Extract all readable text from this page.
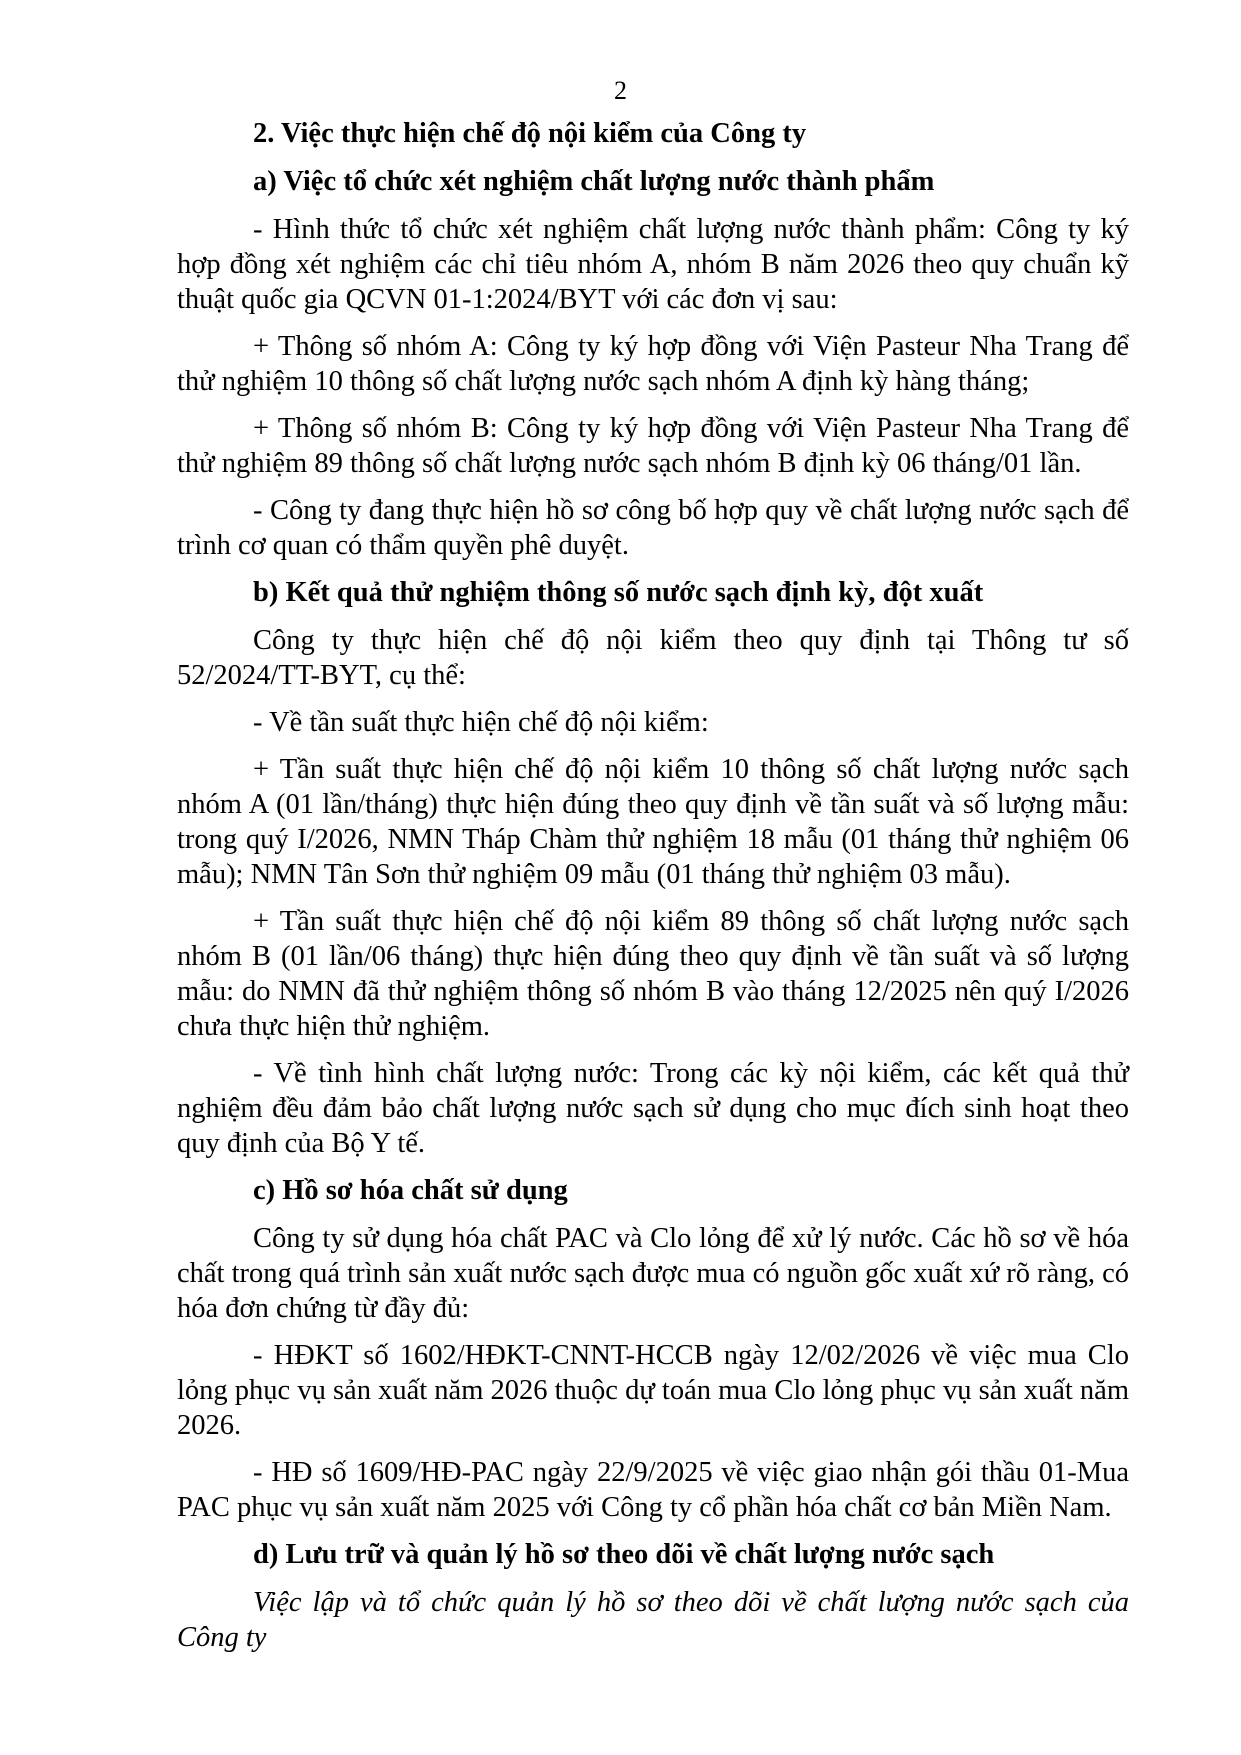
2

2. Việc thực hiện chế độ nội kiểm của Công ty

a) Việc tổ chức xét nghiệm chất lượng nước thành phẩm

- Hình thức tổ chức xét nghiệm chất lượng nước thành phẩm: Công ty ký hợp đồng xét nghiệm các chỉ tiêu nhóm A, nhóm B năm 2026 theo quy chuẩn kỹ thuật quốc gia QCVN 01-1:2024/BYT với các đơn vị sau:

+ Thông số nhóm A: Công ty ký hợp đồng với Viện Pasteur Nha Trang để thử nghiệm 10 thông số chất lượng nước sạch nhóm A định kỳ hàng tháng;

+ Thông số nhóm B: Công ty ký hợp đồng với Viện Pasteur Nha Trang để thử nghiệm 89 thông số chất lượng nước sạch nhóm B định kỳ 06 tháng/01 lần.

- Công ty đang thực hiện hồ sơ công bố hợp quy về chất lượng nước sạch để trình cơ quan có thẩm quyền phê duyệt.

b) Kết quả thử nghiệm thông số nước sạch định kỳ, đột xuất

Công ty thực hiện chế độ nội kiểm theo quy định tại Thông tư số 52/2024/TT-BYT, cụ thể:

- Về tần suất thực hiện chế độ nội kiểm:

+ Tần suất thực hiện chế độ nội kiểm 10 thông số chất lượng nước sạch nhóm A (01 lần/tháng) thực hiện đúng theo quy định về tần suất và số lượng mẫu: trong quý I/2026, NMN Tháp Chàm thử nghiệm 18 mẫu (01 tháng thử nghiệm 06 mẫu); NMN Tân Sơn thử nghiệm 09 mẫu (01 tháng thử nghiệm 03 mẫu).

+ Tần suất thực hiện chế độ nội kiểm 89 thông số chất lượng nước sạch nhóm B (01 lần/06 tháng) thực hiện đúng theo quy định về tần suất và số lượng mẫu: do NMN đã thử nghiệm thông số nhóm B vào tháng 12/2025 nên quý I/2026 chưa thực hiện thử nghiệm.

- Về tình hình chất lượng nước: Trong các kỳ nội kiểm, các kết quả thử nghiệm đều đảm bảo chất lượng nước sạch sử dụng cho mục đích sinh hoạt theo quy định của Bộ Y tế.

c) Hồ sơ hóa chất sử dụng

Công ty sử dụng hóa chất PAC và Clo lỏng để xử lý nước. Các hồ sơ về hóa chất trong quá trình sản xuất nước sạch được mua có nguồn gốc xuất xứ rõ ràng, có hóa đơn chứng từ đầy đủ:

- HĐKT số 1602/HĐKT-CNNT-HCCB ngày 12/02/2026 về việc mua Clo lỏng phục vụ sản xuất năm 2026 thuộc dự toán mua Clo lỏng phục vụ sản xuất năm 2026.

- HĐ số 1609/HĐ-PAC ngày 22/9/2025 về việc giao nhận gói thầu 01-Mua PAC phục vụ sản xuất năm 2025 với Công ty cổ phần hóa chất cơ bản Miền Nam.

d) Lưu trữ và quản lý hồ sơ theo dõi về chất lượng nước sạch

Việc lập và tổ chức quản lý hồ sơ theo dõi về chất lượng nước sạch của Công ty
